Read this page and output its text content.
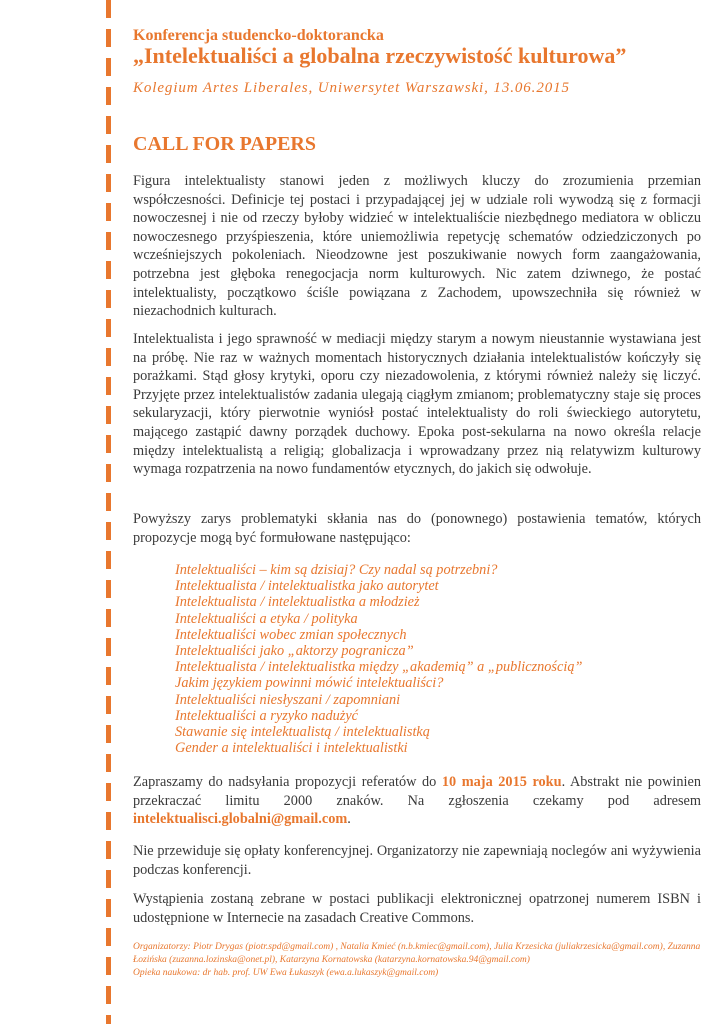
Konferencja studencko-doktorancka
„Intelektualiści a globalna rzeczywistość kulturowa”
Kolegium Artes Liberales, Uniwersytet Warszawski, 13.06.2015
CALL FOR PAPERS
Figura intelektualisty stanowi jeden z możliwych kluczy do zrozumienia przemian współczesności. Definicje tej postaci i przypadającej jej w udziale roli wywodzą się z formacji nowoczesnej i nie od rzeczy byłoby widzieć w intelektualiście niezbędnego mediatora w obliczu nowoczesnego przyśpieszenia, które uniemożliwia repetycję schematów odziedziczonych po wcześniejszych pokoleniach. Nieodzowne jest poszukiwanie nowych form zaangażowania, potrzebna jest głęboka renegocjacja norm kulturowych. Nic zatem dziwnego, że postać intelektualisty, początkowo ściśle powiązana z Zachodem, upowszechniła się również w niezachodnich kulturach.
Intelektualista i jego sprawność w mediacji między starym a nowym nieustannie wystawiana jest na próbę. Nie raz w ważnych momentach historycznych działania intelektualistów kończyły się porażkami. Stąd głosy krytyki, oporu czy niezadowolenia, z którymi również należy się liczyć. Przyjęte przez intelektualistów zadania ulegają ciągłym zmianom; problematyczny staje się proces sekularyzacji, który pierwotnie wyniósł postać intelektualisty do roli świeckiego autorytetu, mającego zastąpić dawny porządek duchowy. Epoka post-sekularna na nowo określa relacje między intelektualistą a religią; globalizacja i wprowadzany przez nią relatywizm kulturowy wymaga rozpatrzenia na nowo fundamentów etycznych, do jakich się odwołuje.
Powyższy zarys problematyki skłania nas do (ponownego) postawienia tematów, których propozycje mogą być formułowane następująco:
Intelektualiści – kim są dzisiaj? Czy nadal są potrzebni?
Intelektualista / intelektualistka jako autorytet
Intelektualista / intelektualistka a młodzież
Intelektualiści a etyka / polityka
Intelektualiści wobec zmian społecznych
Intelektualiści jako „aktorzy pogranicza”
Intelektualista / intelektualistka między „akademią” a „publicznością”
Jakim językiem powinni mówić intelektualiści?
Intelektualiści niesłyszani / zapomniani
Intelektualiści a ryzyko nadużyć
Stawanie się intelektualistą / intelektualistką
Gender a intelektualiści i intelektualistki
Zapraszamy do nadsyłania propozycji referatów do 10 maja 2015 roku. Abstrakt nie powinien przekraczać limitu 2000 znaków. Na zgłoszenia czekamy pod adresem intelektualisci.globalni@gmail.com.
Nie przewiduje się opłaty konferencyjnej. Organizatorzy nie zapewniają noclegów ani wyżywienia podczas konferencji.
Wystąpienia zostaną zebrane w postaci publikacji elektronicznej opatrzonej numerem ISBN i udostępnione w Internecie na zasadach Creative Commons.
Organizatorzy: Piotr Drygas (piotr.spd@gmail.com) , Natalia Kmieć (n.b.kmiec@gmail.com), Julia Krzesicka (juliakrzesicka@gmail.com), Zuzanna Łozińska (zuzanna.lozinska@onet.pl), Katarzyna Kornatowska (katarzyna.kornatowska.94@gmail.com)
Opieka naukowa: dr hab. prof. UW Ewa Łukaszyk (ewa.a.lukaszyk@gmail.com)
